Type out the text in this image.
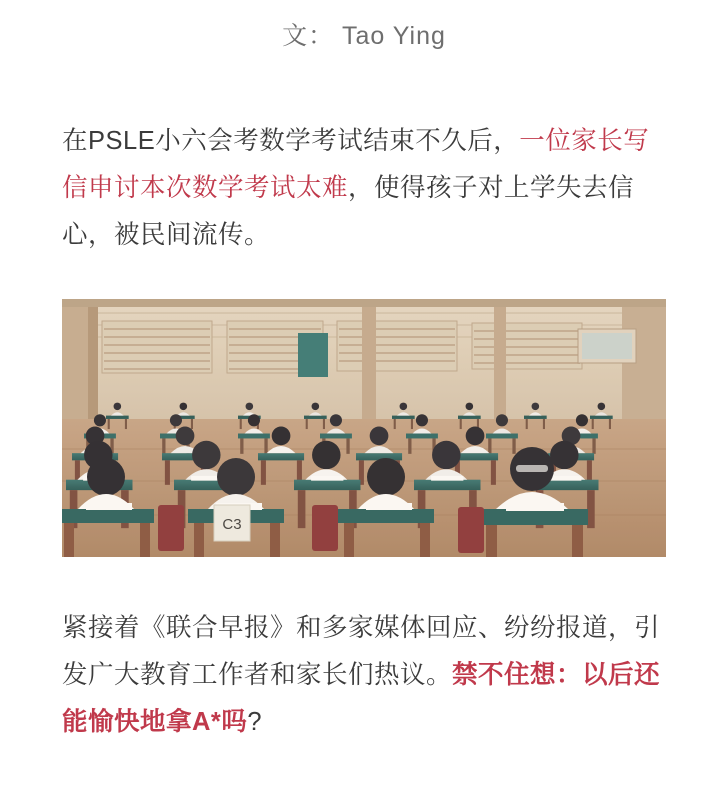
文： Tao Ying
在PSLE小六会考数学考试结束不久后，一位家长写信申讨本次数学考试太难，使得孩子对上学失去信心，被民间流传。
C3
紧接着《联合早报》和多家媒体回应、纷纷报道，引发广大教育工作者和家长们热议。禁不住想：以后还能愉快地拿A*吗?
